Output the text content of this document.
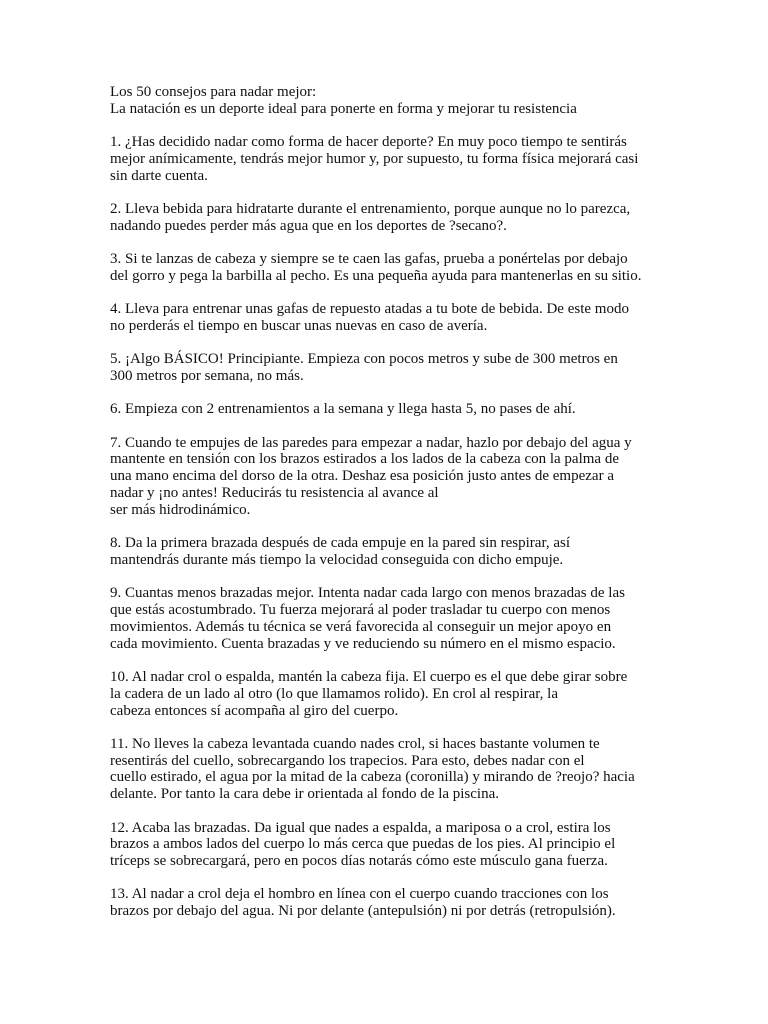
Los 50 consejos para nadar mejor:
La natación es un deporte ideal para ponerte en forma y mejorar tu resistencia

1. ¿Has decidido nadar como forma de hacer deporte? En muy poco tiempo te sentirás
mejor anímicamente, tendrás mejor humor y, por supuesto, tu forma física mejorará casi
sin darte cuenta.

2. Lleva bebida para hidratarte durante el entrenamiento, porque aunque no lo parezca,
nadando puedes perder más agua que en los deportes de ?secano?.

3. Si te lanzas de cabeza y siempre se te caen las gafas, prueba a ponértelas por debajo
del gorro y pega la barbilla al pecho. Es una pequeña ayuda para mantenerlas en su sitio.

4. Lleva para entrenar unas gafas de repuesto atadas a tu bote de bebida. De este modo
no perderás el tiempo en buscar unas nuevas en caso de avería.

5. ¡Algo BÁSICO! Principiante. Empieza con pocos metros y sube de 300 metros en
300 metros por semana, no más.

6. Empieza con 2 entrenamientos a la semana y llega hasta 5, no pases de ahí.

7. Cuando te empujes de las paredes para empezar a nadar, hazlo por debajo del agua y
mantente en tensión con los brazos estirados a los lados de la cabeza con la palma de
una mano encima del dorso de la otra. Deshaz esa posición justo antes de empezar a
nadar y ¡no antes! Reducirás tu resistencia al avance al
ser más hidrodinámico.

8. Da la primera brazada después de cada empuje en la pared sin respirar, así
mantendrás durante más tiempo la velocidad conseguida con dicho empuje.

9. Cuantas menos brazadas mejor. Intenta nadar cada largo con menos brazadas de las
que estás acostumbrado. Tu fuerza mejorará al poder trasladar tu cuerpo con menos
movimientos. Además tu técnica se verá favorecida al conseguir un mejor apoyo en
cada movimiento. Cuenta brazadas y ve reduciendo su número en el mismo espacio.

10. Al nadar crol o espalda, mantén la cabeza fija. El cuerpo es el que debe girar sobre
la cadera de un lado al otro (lo que llamamos rolido). En crol al respirar, la
cabeza entonces sí acompaña al giro del cuerpo.

11. No lleves la cabeza levantada cuando nades crol, si haces bastante volumen te
resentirás del cuello, sobrecargando los trapecios. Para esto, debes nadar con el
cuello estirado, el agua por la mitad de la cabeza (coronilla) y mirando de ?reojo? hacia
delante. Por tanto la cara debe ir orientada al fondo de la piscina.

12. Acaba las brazadas. Da igual que nades a espalda, a mariposa o a crol, estira los
brazos a ambos lados del cuerpo lo más cerca que puedas de los pies. Al principio el
tríceps se sobrecargará, pero en pocos días notarás cómo este músculo gana fuerza.

13. Al nadar a crol deja el hombro en línea con el cuerpo cuando tracciones con los
brazos por debajo del agua. Ni por delante (antepulsión) ni por detrás (retropulsión).
